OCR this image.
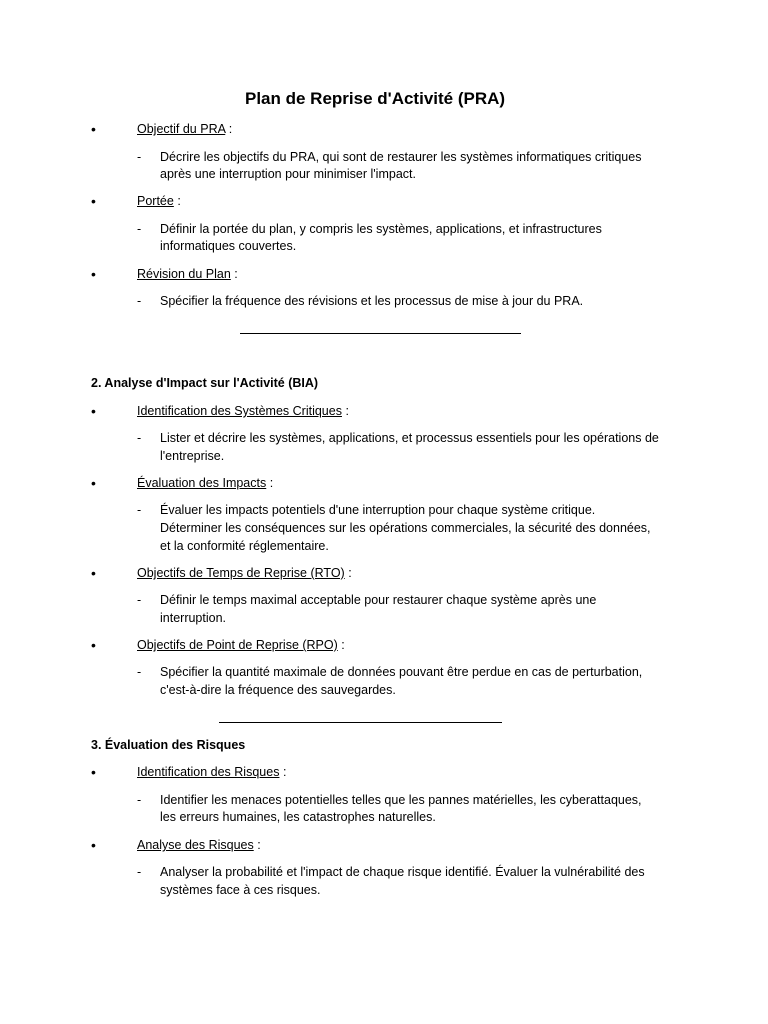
Plan de Reprise d'Activité (PRA)
•	Objectif du PRA :
- Décrire les objectifs du PRA, qui sont de restaurer les systèmes informatiques critiques
après une interruption pour minimiser l'impact.
•	Portée :
- Définir la portée du plan, y compris les systèmes, applications, et infrastructures
informatiques couvertes.
•	Révision du Plan :
- Spécifier la fréquence des révisions et les processus de mise à jour du PRA.
2. Analyse d'Impact sur l'Activité (BIA)
•	Identification des Systèmes Critiques :
- Lister et décrire les systèmes, applications, et processus essentiels pour les opérations de
l'entreprise.
•	Évaluation des Impacts :
- Évaluer les impacts potentiels d'une interruption pour chaque système critique.
Déterminer les conséquences sur les opérations commerciales, la sécurité des données,
et la conformité réglementaire.
•	Objectifs de Temps de Reprise (RTO) :
- Définir le temps maximal acceptable pour restaurer chaque système après une
interruption.
•	Objectifs de Point de Reprise (RPO) :
- Spécifier la quantité maximale de données pouvant être perdue en cas de perturbation,
c'est-à-dire la fréquence des sauvegardes.
3. Évaluation des Risques
•	Identification des Risques :
- Identifier les menaces potentielles telles que les pannes matérielles, les cyberattaques,
les erreurs humaines, les catastrophes naturelles.
•	Analyse des Risques :
- Analyser la probabilité et l'impact de chaque risque identifié. Évaluer la vulnérabilité des
systèmes face à ces risques.
